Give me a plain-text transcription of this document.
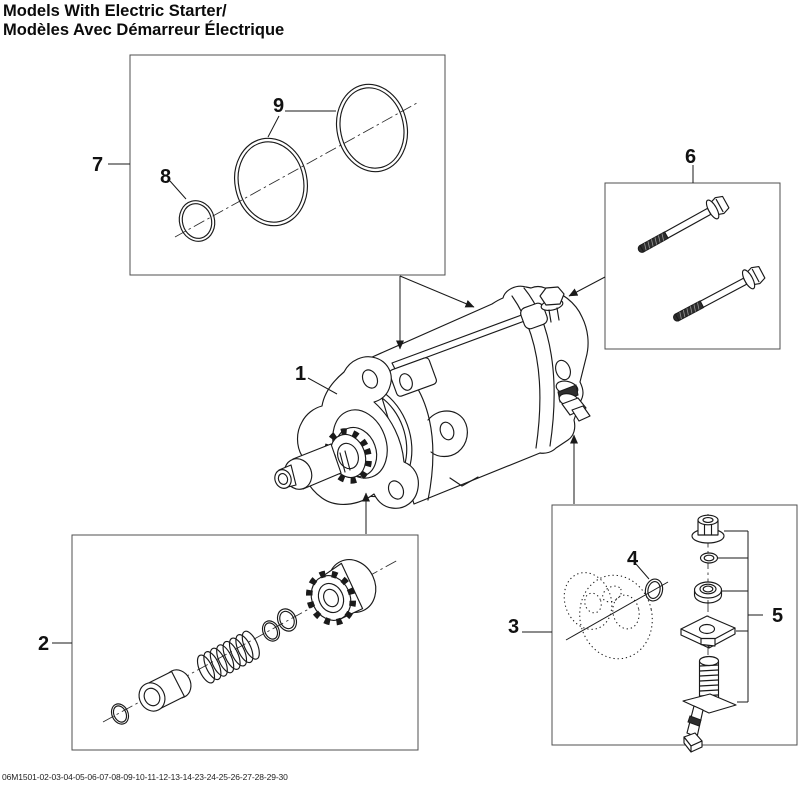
Models With Electric Starter/
Modèles Avec Démarreur Électrique
1
2
3
4
5
6
7
8
9
06M1501-02-03-04-05-06-07-08-09-10-11-12-13-14-23-24-25-26-27-28-29-30
